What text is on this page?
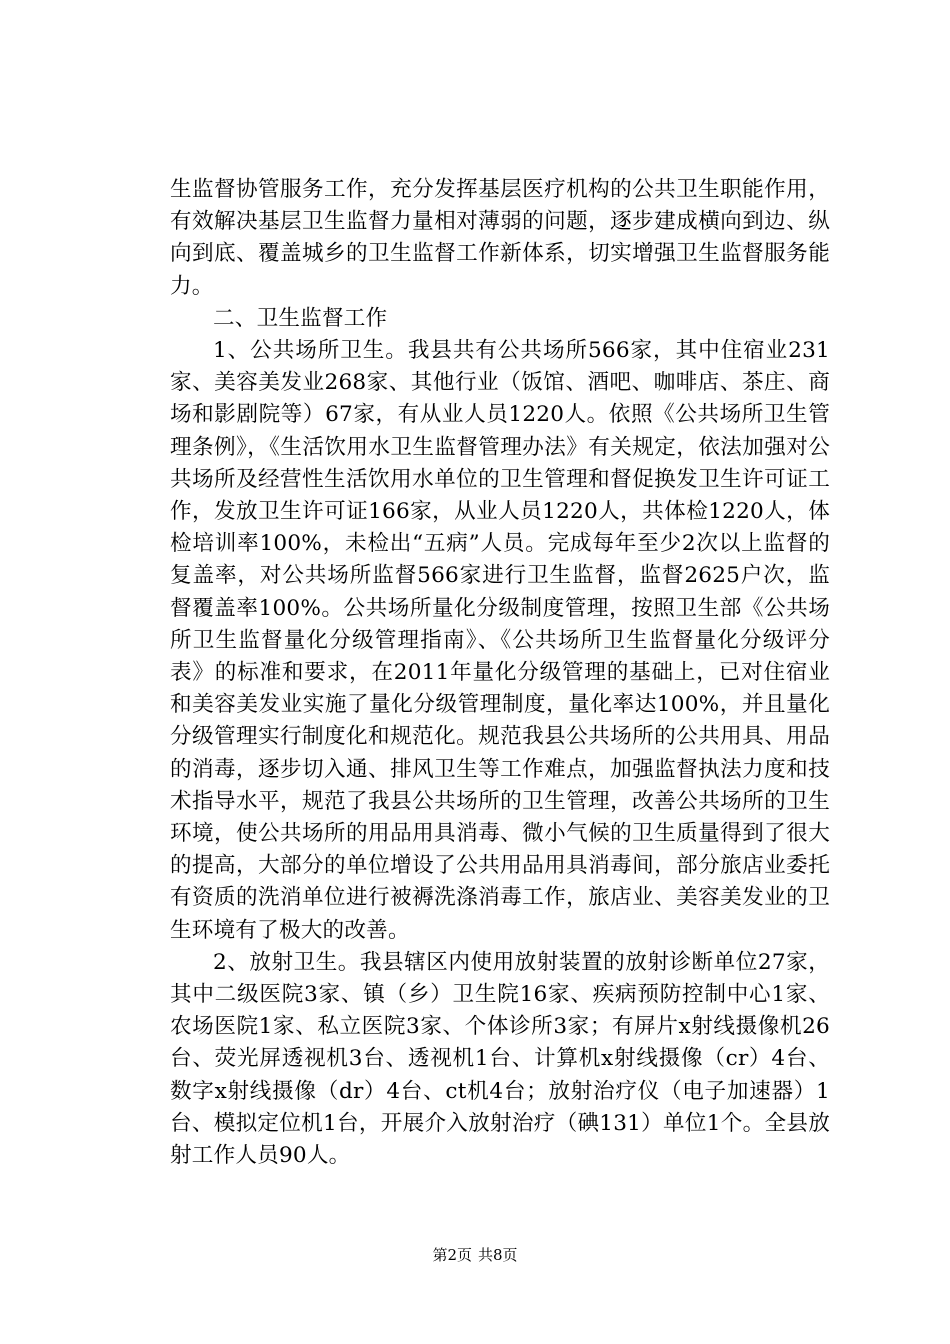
生监督协管服务工作，充分发挥基层医疗机构的公共卫生职能作用，有效解决基层卫生监督力量相对薄弱的问题，逐步建成横向到边、纵向到底、覆盖城乡的卫生监督工作新体系，切实增强卫生监督服务能力。

二、卫生监督工作

1、公共场所卫生。我县共有公共场所566家，其中住宿业231家、美容美发业268家、其他行业（饭馆、酒吧、咖啡店、茶庄、商场和影剧院等）67家，有从业人员1220人。依照《公共场所卫生管理条例》，《生活饮用水卫生监督管理办法》有关规定，依法加强对公共场所及经营性生活饮用水单位的卫生管理和督促换发卫生许可证工作，发放卫生许可证166家，从业人员1220人，共体检1220人，体检培训率100%，未检出“五病”人员。完成每年至少2次以上监督的复盖率，对公共场所监督566家进行卫生监督，监督2625户次，监督覆盖率100%。公共场所量化分级制度管理，按照卫生部《公共场所卫生监督量化分级管理指南》、《公共场所卫生监督量化分级评分表》的标准和要求，在2011年量化分级管理的基础上，已对住宿业和美容美发业实施了量化分级管理制度，量化率达100%，并且量化分级管理实行制度化和规范化。规范我县公共场所的公共用具、用品的消毒，逐步切入通、排风卫生等工作难点，加强监督执法力度和技术指导水平，规范了我县公共场所的卫生管理，改善公共场所的卫生环境，使公共场所的用品用具消毒、微小气候的卫生质量得到了很大的提高，大部分的单位增设了公共用品用具消毒间，部分旅店业委托有资质的洗消单位进行被褥洗涤消毒工作，旅店业、美容美发业的卫生环境有了极大的改善。

2、放射卫生。我县辖区内使用放射装置的放射诊断单位27家，其中二级医院3家、镇（乡）卫生院16家、疾病预防控制中心1家、农场医院1家、私立医院3家、个体诊所3家；有屏片x射线摄像机26台、荧光屏透视机3台、透视机1台、计算机x射线摄像（cr）4台、数字x射线摄像（dr）4台、ct机4台；放射治疗仪（电子加速器）1台、模拟定位机1台，开展介入放射治疗（碘131）单位1个。全县放射工作人员90人。

第2页 共8页
